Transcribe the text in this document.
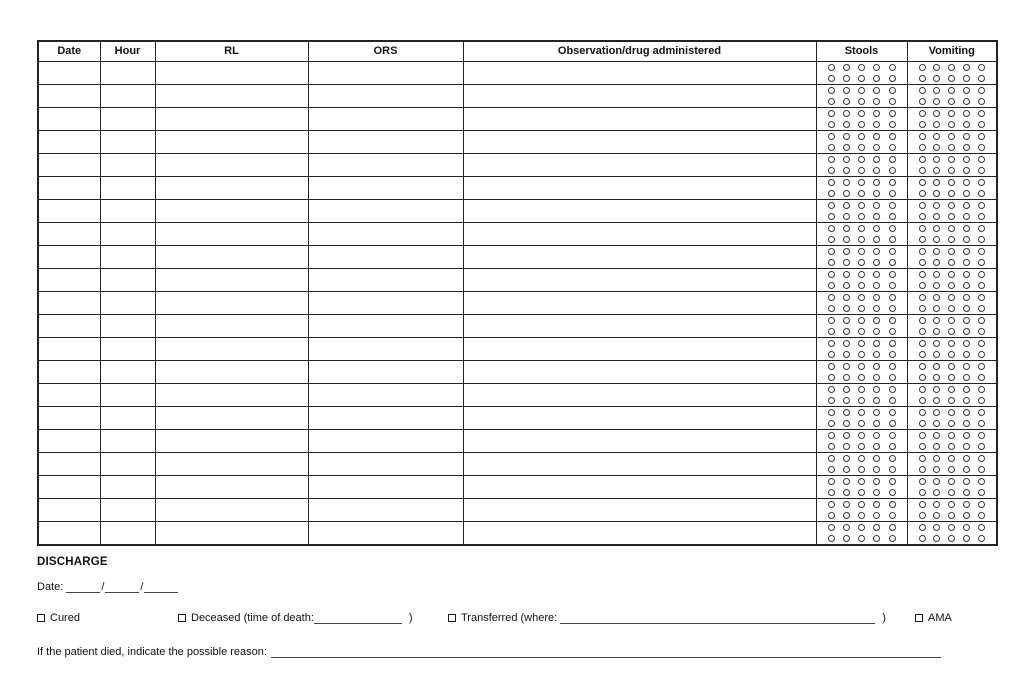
Date	Hour	RL	ORS	Observation/drug administered	Stools	Vomiting

DISCHARGE
Date:	/	/
Cured	Deceased (time of death:	)	Transferred (where:	)	AMA
If the patient died, indicate the possible reason:
